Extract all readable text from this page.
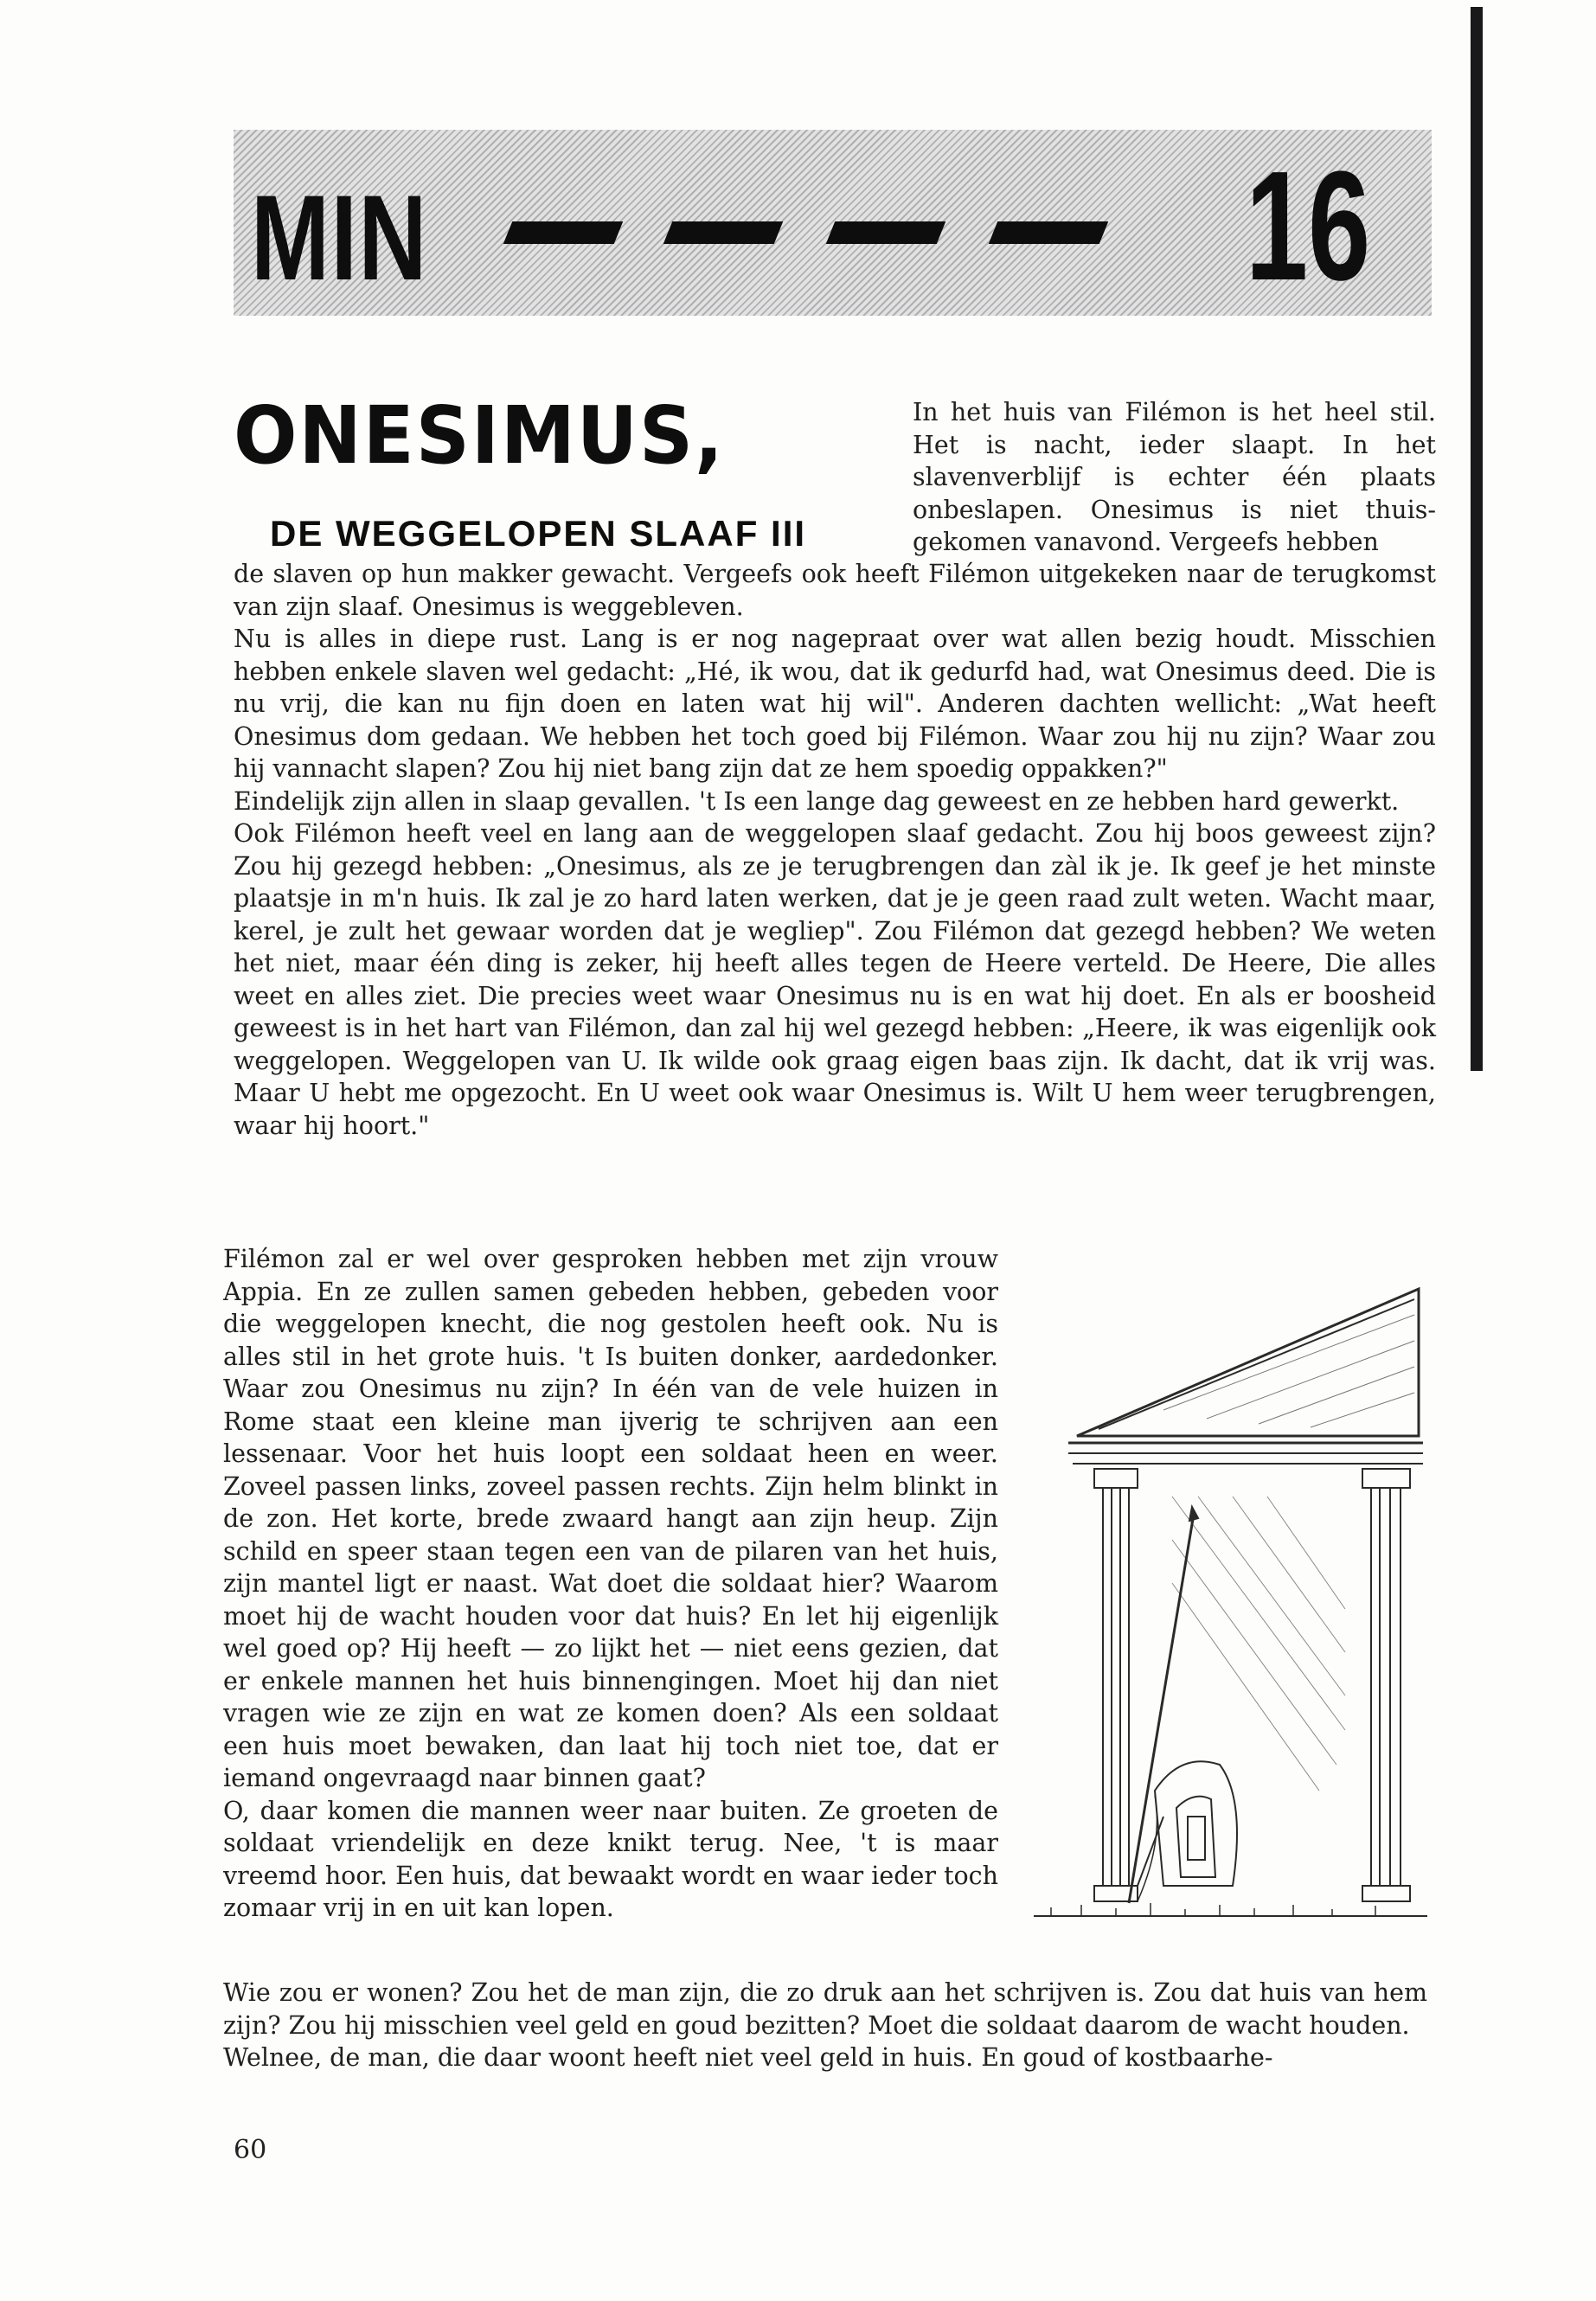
MIN	16

ONESIMUS,
DE WEGGELOPEN SLAAF III

In het huis van Filémon is het heel stil. Het is nacht, ieder slaapt. In het slavenverblijf is echter één plaats onbeslapen. Onesimus is niet thuis-gekomen vanavond. Vergeefs hebben

de slaven op hun makker gewacht. Vergeefs ook heeft Filémon uitgekeken naar de terugkomst van zijn slaaf. Onesimus is weggebleven.

Nu is alles in diepe rust. Lang is er nog nagepraat over wat allen bezig houdt. Misschien hebben enkele slaven wel gedacht: „Hé, ik wou, dat ik gedurfd had, wat Onesimus deed. Die is nu vrij, die kan nu fijn doen en laten wat hij wil". Anderen dachten wellicht: „Wat heeft Onesimus dom gedaan. We hebben het toch goed bij Filémon. Waar zou hij nu zijn? Waar zou hij vannacht slapen? Zou hij niet bang zijn dat ze hem spoedig oppakken?"

Eindelijk zijn allen in slaap gevallen. 't Is een lange dag geweest en ze hebben hard gewerkt.

Ook Filémon heeft veel en lang aan de weggelopen slaaf gedacht. Zou hij boos geweest zijn? Zou hij gezegd hebben: „Onesimus, als ze je terugbrengen dan zàl ik je. Ik geef je het minste plaatsje in m'n huis. Ik zal je zo hard laten werken, dat je je geen raad zult weten. Wacht maar, kerel, je zult het gewaar worden dat je wegliep". Zou Filémon dat gezegd hebben? We weten het niet, maar één ding is zeker, hij heeft alles tegen de Heere verteld. De Heere, Die alles weet en alles ziet. Die precies weet waar Onesimus nu is en wat hij doet. En als er boosheid geweest is in het hart van Filémon, dan zal hij wel gezegd hebben: „Heere, ik was eigenlijk ook weggelopen. Weggelopen van U. Ik wilde ook graag eigen baas zijn. Ik dacht, dat ik vrij was. Maar U hebt me opgezocht. En U weet ook waar Onesimus is. Wilt U hem weer terugbrengen, waar hij hoort."

Filémon zal er wel over gesproken hebben met zijn vrouw Appia. En ze zullen samen gebeden hebben, gebeden voor die weggelopen knecht, die nog gestolen heeft ook. Nu is alles stil in het grote huis. 't Is buiten donker, aardedonker. Waar zou Onesimus nu zijn? In één van de vele huizen in Rome staat een kleine man ijverig te schrijven aan een lessenaar. Voor het huis loopt een soldaat heen en weer. Zoveel passen links, zoveel passen rechts. Zijn helm blinkt in de zon. Het korte, brede zwaard hangt aan zijn heup. Zijn schild en speer staan tegen een van de pilaren van het huis, zijn mantel ligt er naast. Wat doet die soldaat hier? Waarom moet hij de wacht houden voor dat huis? En let hij eigenlijk wel goed op? Hij heeft — zo lijkt het — niet eens gezien, dat er enkele mannen het huis binnengingen. Moet hij dan niet vragen wie ze zijn en wat ze komen doen? Als een soldaat een huis moet bewaken, dan laat hij toch niet toe, dat er iemand ongevraagd naar binnen gaat?

O, daar komen die mannen weer naar buiten. Ze groeten de soldaat vriendelijk en deze knikt terug. Nee, 't is maar vreemd hoor. Een huis, dat bewaakt wordt en waar ieder toch zomaar vrij in en uit kan lopen.

Wie zou er wonen? Zou het de man zijn, die zo druk aan het schrijven is. Zou dat huis van hem zijn? Zou hij misschien veel geld en goud bezitten? Moet die soldaat daarom de wacht houden.

Welnee, de man, die daar woont heeft niet veel geld in huis. En goud of kostbaarhe-

60
